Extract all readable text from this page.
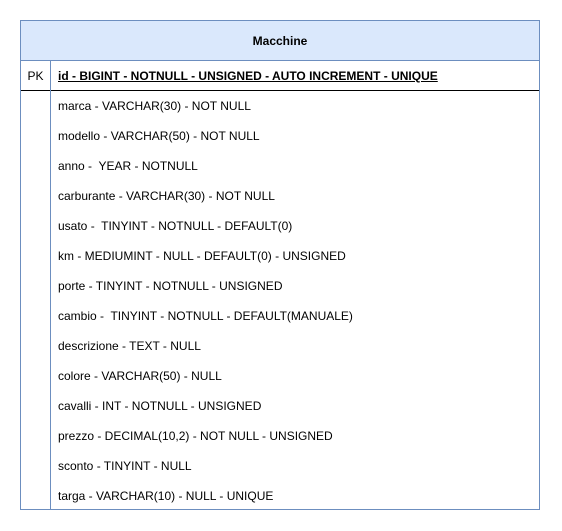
Macchine
PK	id - BIGINT - NOTNULL - UNSIGNED - AUTO INCREMENT - UNIQUE
marca - VARCHAR(30) - NOT NULL
modello - VARCHAR(50) - NOT NULL
anno -  YEAR - NOTNULL
carburante - VARCHAR(30) - NOT NULL
usato -  TINYINT - NOTNULL - DEFAULT(0)
km - MEDIUMINT - NULL - DEFAULT(0) - UNSIGNED
porte - TINYINT - NOTNULL - UNSIGNED
cambio -  TINYINT - NOTNULL - DEFAULT(MANUALE)
descrizione - TEXT - NULL
colore - VARCHAR(50) - NULL
cavalli - INT - NOTNULL - UNSIGNED
prezzo - DECIMAL(10,2) - NOT NULL - UNSIGNED
sconto - TINYINT - NULL
targa - VARCHAR(10) - NULL - UNIQUE
